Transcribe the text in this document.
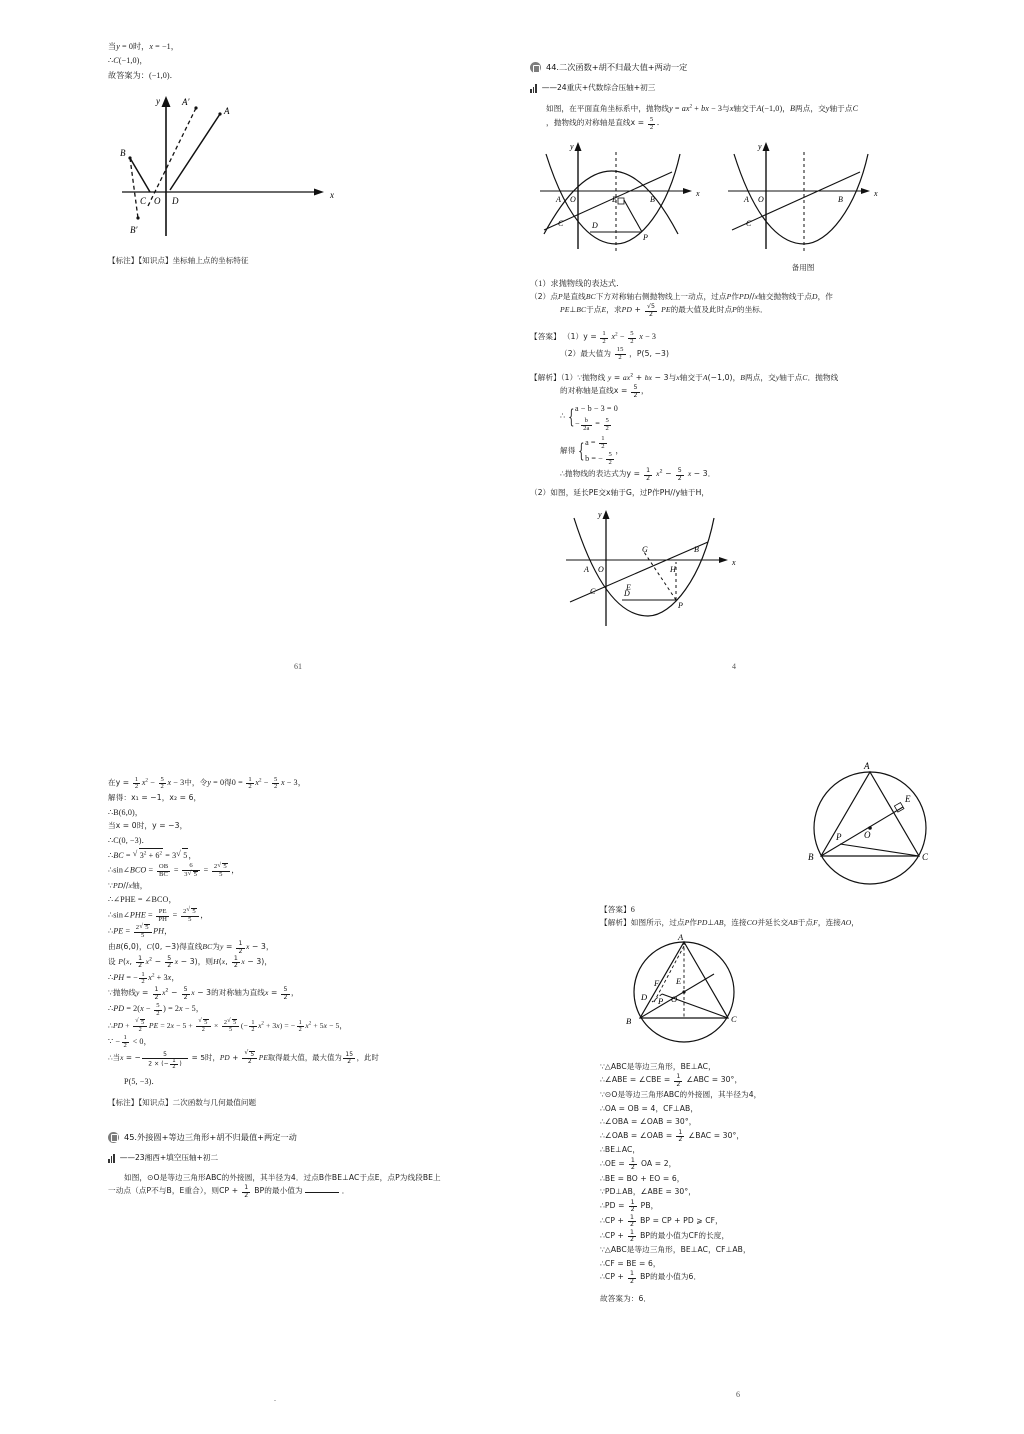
当y = 0时，x = −1，
∴C(−1,0)，
故答案为：(−1,0)．
x
y
A
A′
B
B′
C O D
【标注】【知识点】坐标轴上点的坐标特征
44.二次函数+胡不归最大值+两动一定
——24重庆+代数综合压轴+初三
如图，在平面直角坐标系中，抛物线$y = ax^2$ + bx − 3与x轴交于A(−1,0)，B两点，交y轴于点C
，抛物线的对称轴是直线$x = \frac{5}{2}$ ．
x
y
A O	E	B
C	D
P
x
y
A O	B
C
备用图
（1）求抛物线的表达式．
（2）点P是直线BC下方对称轴右侧抛物线上一动点，过点P作PD//x轴交抛物线于点D，作
PE⊥BC于点E，求PD + $\frac{√5}{2}$ PE的最大值及此时点P的坐标．
【答案】 $(1)y = \frac{1}{2} x^2 - \frac{5}{2}$ x − 3
（2）最大值为 $\frac{15}{2}$ ，P(5, −3)
【解析】（1）∵抛物线 $y = ax^2$ + bx − 3与x轴交于A(−1,0)，B两点，交y轴于点C．抛物线
的对称轴是直线$x = \frac{5}{2}$ ，
∴ { a − b − 3 = 0
− $\frac{b}{2a} = \frac{5}{2}$
解得 { $a = \frac{1}{2}$
b = − $\frac{5}{2}$
，
∴抛物线的表达式为$y = \frac{1}{2} x^2 - \frac{5}{2}$ x − 3．
（2）如图，延长PE交x轴于G，过P作PH//y轴于H，
x
y
A O
G
H
B
C	E
D
P
61	4
在$y = \frac{1}{2} x^2 - \frac{5}{2}$ x − 3中，令y = 0得$0 = \frac{1}{2} x^2 - \frac{5}{2}$ x − 3，
解得：x₁ = −1，x₂ = 6，
∴B(6,0)，
当x = 0时，y = −3，
∴C(0, −3)．
∴BC = √ $3^2 + 6^2 = 3$ √ 5，
∴sin∠BCO = $\frac{OB}{BC} = \frac{6}{3 √ 5} = \frac{2 √ 5}{5}$ ，
∵PD//x轴，
∴∠PHE = ∠BCO，
∴sin∠PHE = $\frac{PE}{PH} = \frac{2 √ 5}{5}$ ，
∴PE = $\frac{2 √ 5}{5}$ PH，
由B(6,0)，C(0, −3)得直线BC为$y = \frac{1}{2}$ x − 3，
设 P(x, $\frac{1}{2} x^2 - \frac{5}{2}$ x − 3)，则H(x, $\frac{1}{2}$ x − 3)，
∴PH = − $\frac{1}{2} x^2 + 3x$，
∵抛物线$y = \frac{1}{2} x^2 - \frac{5}{2}$ x − 3的对称轴为直线$x = \frac{5}{2}$ ，
∴PD = $2(x - \frac{5}{2}$ ) = 2x − 5，
∴PD + √ $\frac{5}{2}$ PE = 2x − 5 + √ $\frac{5}{2} \times \frac{2 √ 5}{5}$ (− $\frac{1}{2} x^2 + 3x$) = − $\frac{1}{2} x^2 + 5x - 5$，
∵ − $\frac{1}{2} < 0$，
∴当x = − $\frac{5}{2 \times (- \frac{1}{2} )} = 5$时，PD + √ $\frac{5}{2}$ PE取得最大值，最大值为 $\frac{15}{2}$ ，此时
P(5, −3)．
【标注】【知识点】二次函数与几何最值问题
45.外接圆+等边三角形+胡不归最值+两定一动
——23湘西+填空压轴+初二
如图，⊙O是等边三角形ABC的外接圆，其半径为4．过点B作BE⊥AC于点E，点P为线段BE上
一动点（点P不与B，E重合），则CP + $\frac{1}{2}$ BP的最小值为	．
A
E
P	O
B	C
【答案】6
【解析】如图所示，过点P作PD⊥AB，连接CO并延长交AB于点F，连接AO，
A
F E
D P O
B	C
∵△ABC是等边三角形，BE⊥AC，
∴∠ABE = ∠CBE = $\frac{1}{2}$ ∠ABC = 30°，
∵⊙O是等边三角形ABC的外接圆，其半径为4，
∴OA = OB = 4，CF⊥AB，
∴∠OBA = ∠OAB = 30°，
∴∠OAB = ∠OAB = $\frac{1}{2}$ ∠BAC = 30°，
∴BE⊥AC，
∴OE = $\frac{1}{2}$ OA = 2，
∴BE = BO + EO = 6，
∵PD⊥AB，∠ABE = 30°，
∴PD = $\frac{1}{2}$ PB，
∴CP + $\frac{1}{2}$ BP = CP + PD ⩾ CF，
∴CP + $\frac{1}{2}$ BP的最小值为CF的长度，
∵△ABC是等边三角形，BE⊥AC，CF⊥AB，
∴CF = BE = 6，
∴CP + $\frac{1}{2}$ BP的最小值为6．
故答案为：6．
.	6
